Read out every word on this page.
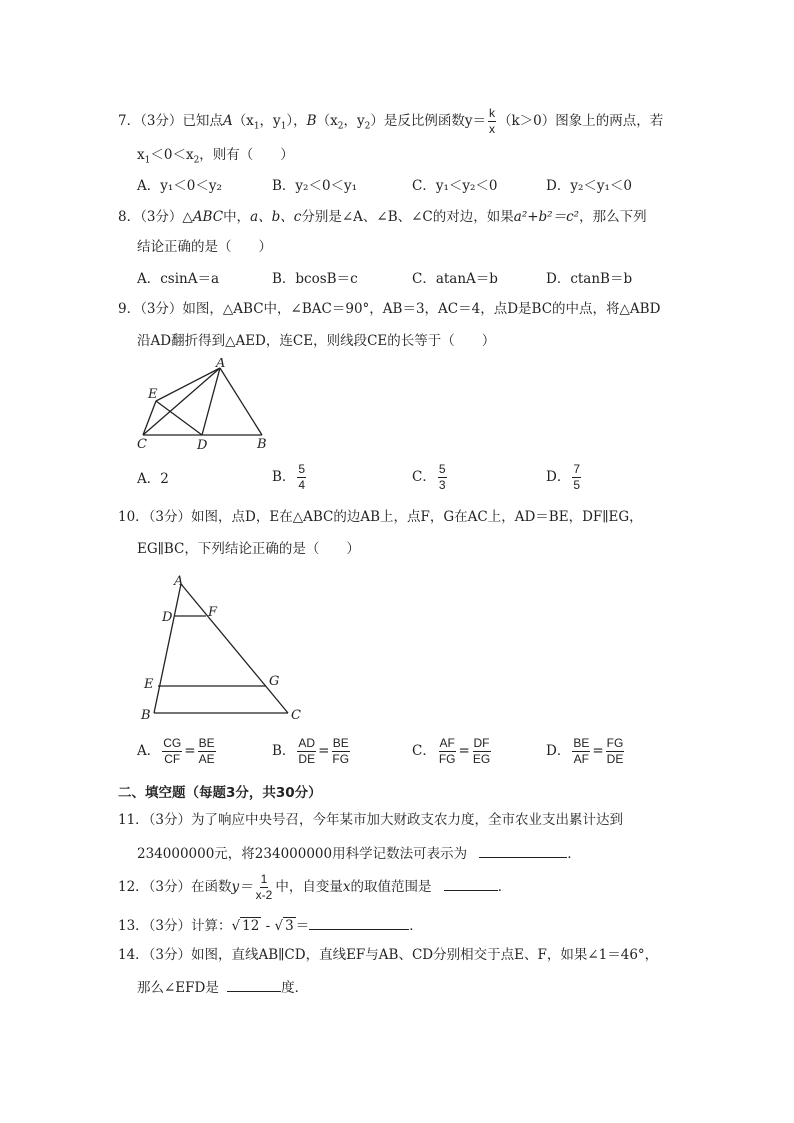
7．（3分）已知点$A(x_1$，$y_1$），$B(x_2$，$y_2$）是反比例函数$y= \frac{k}{x} (k>0)$图象上的两点，若
$x_1<0<x_2$，则有（　　）
A．y₁＜0＜y₂	B．y₂＜0＜y₁	C．y₁＜y₂＜0	D．y₂＜y₁＜0
8．（3分）△ABC中，a、b、c分别是∠A、∠B、∠C的对边，如果a²+b²＝c²，那么下列
结论正确的是（　　）
A．csinA＝a	B．bcosB＝c	C．atanA＝b	D．ctanB＝b
9．（3分）如图，△ABC中，∠BAC＝90°，AB＝3，AC＝4，点D是BC的中点，将△ABD
沿AD翻折得到△AED，连CE，则线段CE的长等于（　　）
A
E
C	D	B
A．2	B． $\frac{5}{4}$	C． $\frac{5}{3}$	D． $\frac{7}{5}$
10．（3分）如图，点D，E在△ABC的边AB上，点F，G在AC上，AD＝BE，DF∥EG，
EG∥BC，下列结论正确的是（　　）
A
D	F
E	G
B	C
A． $\frac{CG}{CF} = \frac{BE}{AE}$	B． $\frac{AD}{DE} = \frac{BE}{FG}$	C． $\frac{AF}{FG} = \frac{DF}{EG}$	D． $\frac{BE}{AF} = \frac{FG}{DE}$
二、填空题（每题3分，共30分）
11．（3分）为了响应中央号召，今年某市加大财政支农力度，全市农业支出累计达到
234000000元，将234000000用科学记数法可表示为	．
12．（3分）在函数$y= \frac{1}{x-2}$ 中，自变量x的取值范围是	．
13．（3分）计算：√ 12 - √ 3 ＝	．
14．（3分）如图，直线AB∥CD，直线EF与AB、CD分别相交于点E、F，如果∠1＝46°，
那么∠EFD是	度．
